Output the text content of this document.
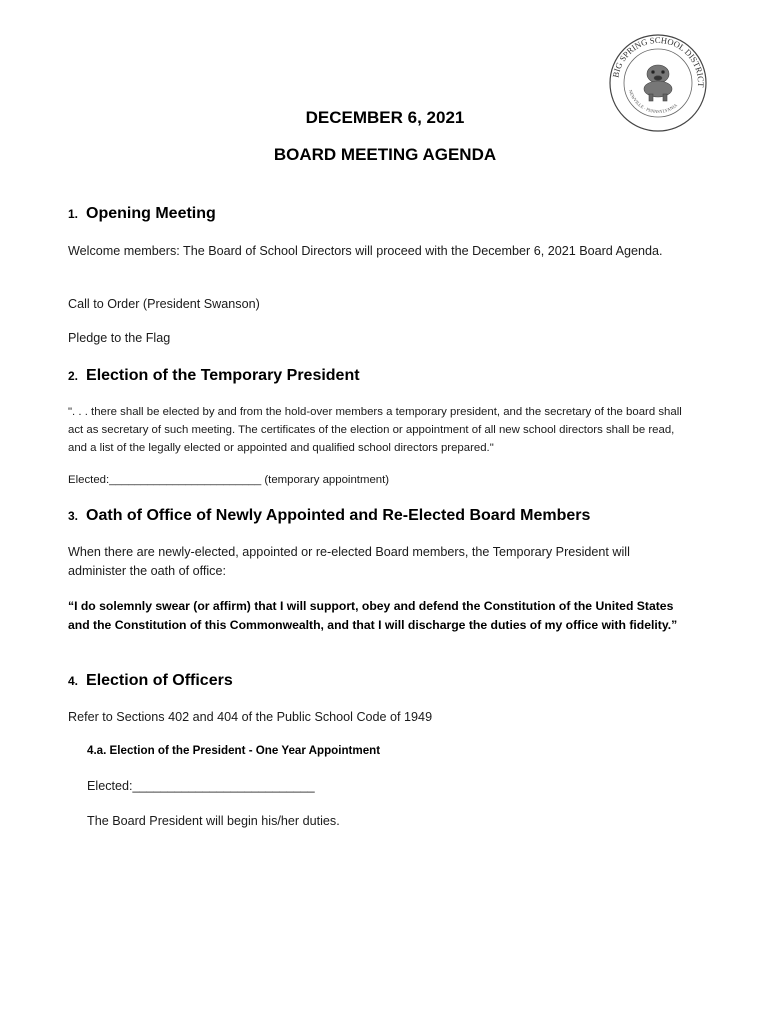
BIG SPRING SCHOOL DISTRICT
NEWVILLE · PENNSYLVANIA
DECEMBER 6, 2021
BOARD MEETING AGENDA
1. Opening Meeting
Welcome members: The Board of School Directors will proceed with the December 6, 2021 Board Agenda.
Call to Order (President Swanson)
Pledge to the Flag
2. Election of the Temporary President
". . . there shall be elected by and from the hold-over members a temporary president, and the secretary of the board shall act as secretary of such meeting. The certificates of the election or appointment of all new school directors shall be read, and a list of the legally elected or appointed and qualified school directors prepared."
Elected:________________________ (temporary appointment)
3. Oath of Office of Newly Appointed and Re-Elected Board Members
When there are newly-elected, appointed or re-elected Board members, the Temporary President will administer the oath of office:
“I do solemnly swear (or affirm) that I will support, obey and defend the Constitution of the United States and the Constitution of this Commonwealth, and that I will discharge the duties of my office with fidelity.”
4. Election of Officers
Refer to Sections 402 and 404 of the Public School Code of 1949
4.a. Election of the President - One Year Appointment
Elected:__________________________
The Board President will begin his/her duties.
